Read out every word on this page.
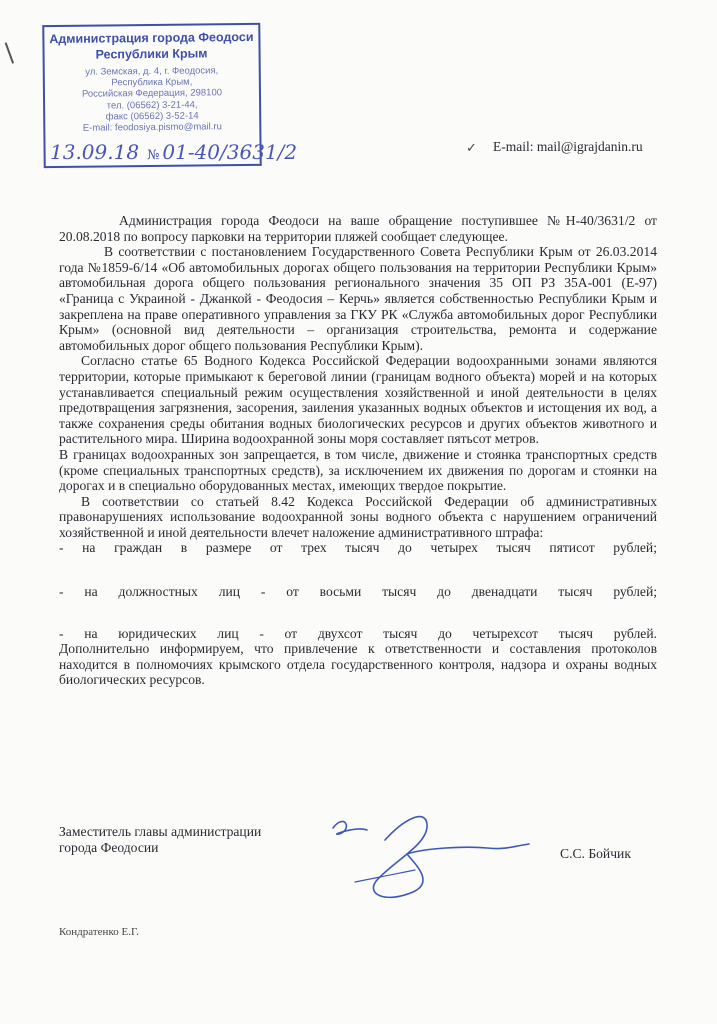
Администрация города Феодоси
Республики Крым
ул. Земская, д. 4, г. Феодосия,
Республика Крым,
Российская Федерация, 298100
тел. (06562) 3-21-44,
факс (06562) 3-52-14
E-mail: feodosiya.pismo@mail.ru
13.09.18 № 01-40/3631/2	✓ E-mail: mail@igrajdanin.ru

Администрация города Феодоси на ваше обращение поступившее №Н-40/3631/2 от 20.08.2018 по вопросу парковки на территории пляжей сообщает следующее.

В соответствии с постановлением Государственного Совета Республики Крым от 26.03.2014 года №1859-6/14 «Об автомобильных дорогах общего пользования на территории Республики Крым» автомобильная дорога общего пользования регионального значения 35 ОП РЗ 35А-001 (Е-97) «Граница с Украиной - Джанкой - Феодосия – Керчь» является собственностью Республики Крым и закреплена на праве оперативного управления за ГКУ РК «Служба автомобильных дорог Республики Крым» (основной вид деятельности – организация строительства, ремонта и содержание автомобильных дорог общего пользования Республики Крым).

Согласно статье 65 Водного Кодекса Российской Федерации водоохранными зонами являются территории, которые примыкают к береговой линии (границам водного объекта) морей и на которых устанавливается специальный режим осуществления хозяйственной и иной деятельности в целях предотвращения загрязнения, засорения, заиления указанных водных объектов и истощения их вод, а также сохранения среды обитания водных биологических ресурсов и других объектов животного и растительного мира. Ширина водоохранной зоны моря составляет пятьсот метров.

В границах водоохранных зон запрещается, в том числе, движение и стоянка транспортных средств (кроме специальных транспортных средств), за исключением их движения по дорогам и стоянки на дорогах и в специально оборудованных местах, имеющих твердое покрытие.

В соответствии со статьей 8.42 Кодекса Российской Федерации об административных правонарушениях использование водоохранной зоны водного объекта с нарушением ограничений хозяйственной и иной деятельности влечет наложение административного штрафа:

- на граждан в размере от трех тысяч до четырех тысяч пятисот рублей;

- на должностных лиц - от восьми тысяч до двенадцати тысяч рублей;

- на юридических лиц - от двухсот тысяч до четырехсот тысяч рублей.

Дополнительно информируем, что привлечение к ответственности и составления протоколов находится в полномочиях крымского отдела государственного контроля, надзора и охраны водных биологических ресурсов.

Заместитель главы администрации
города Феодосии	С.С. Бойчик
Кондратенко Е.Г.
